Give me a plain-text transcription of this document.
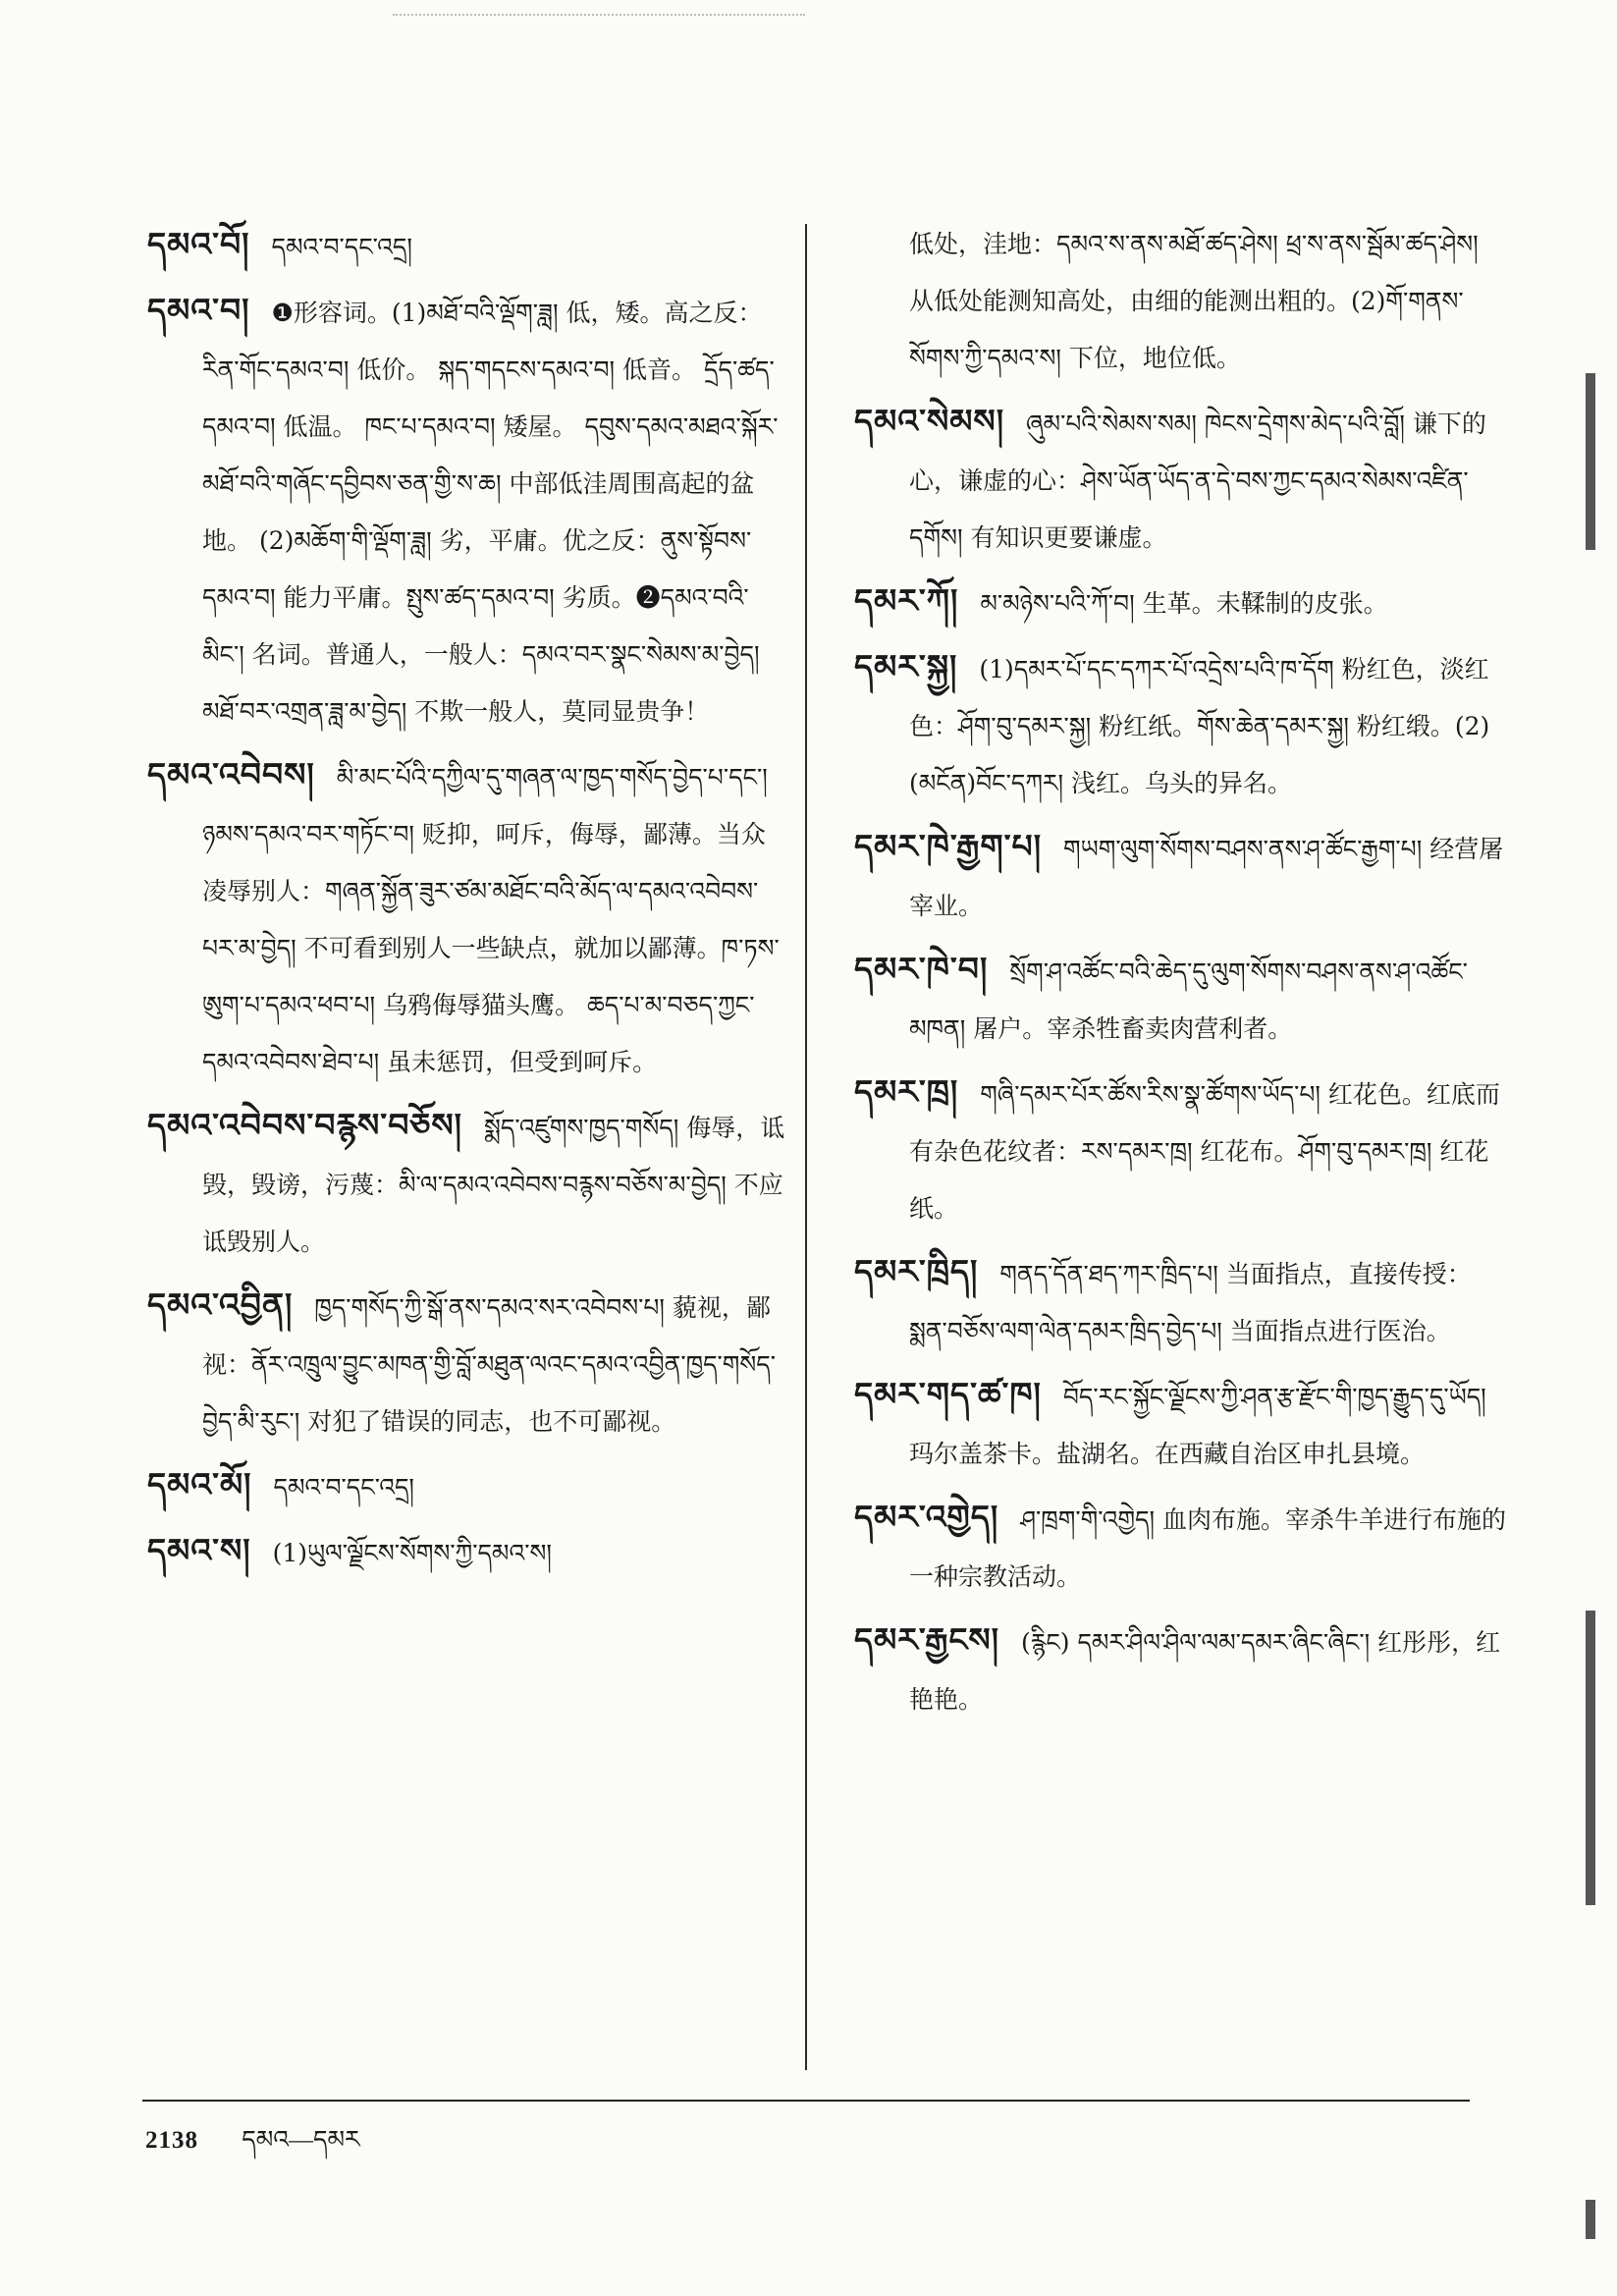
དམའ་བོ། དམའ་བ་དང་འདྲ།

དམའ་བ། ❶形容词。(1)མཐོ་བའི་ལྡོག་ཟླ། 低，矮。高之反：རིན་གོང་དམའ་བ། 低价。 སྐད་གདངས་དམའ་བ། 低音。 དྲོད་ཚད་དམའ་བ། 低温。 ཁང་པ་དམའ་བ། 矮屋。 དབུས་དམའ་མཐའ་སྐོར་མཐོ་བའི་གཞོང་དབྱིབས་ཅན་གྱི་ས་ཆ། 中部低洼周围高起的盆地。 (2)མཆོག་གི་ལྡོག་ཟླ། 劣，平庸。优之反：ནུས་སྟོབས་དམའ་བ། 能力平庸。སྤུས་ཚད་དམའ་བ། 劣质。❷དམའ་བའི་མིང་། 名词。普通人，一般人：དམའ་བར་སྣང་སེམས་མ་བྱེད། མཐོ་བར་འགྲན་ཟླ་མ་བྱེད། 不欺一般人，莫同显贵争！

དམའ་འབེབས། མི་མང་པོའི་དཀྱིལ་དུ་གཞན་ལ་ཁྱད་གསོད་བྱེད་པ་དང་། ཉམས་དམའ་བར་གཏོང་བ། 贬抑，呵斥，侮辱，鄙薄。当众凌辱别人：གཞན་སྐྱོན་ཟུར་ཙམ་མཐོང་བའི་མོད་ལ་དམའ་འབེབས་པར་མ་བྱེད། 不可看到别人一些缺点，就加以鄙薄。ཁ་ཏས་ཨུག་པ་དམའ་ཕབ་པ། 乌鸦侮辱猫头鹰。 ཆད་པ་མ་བཅད་ཀྱང་དམའ་འབེབས་ཐེབ་པ། 虽未惩罚，但受到呵斥。

དམའ་འབེབས་བརྙས་བཅོས། སྨོད་འཛུགས་ཁྱད་གསོད། 侮辱，诋毁，毁谤，污蔑：མི་ལ་དམའ་འབེབས་བརྙས་བཅོས་མ་བྱེད། 不应诋毁别人。

དམའ་འབྱིན། ཁྱད་གསོད་ཀྱི་སྒོ་ནས་དམའ་སར་འབེབས་པ། 藐视，鄙视：ནོར་འཁྲུལ་བྱུང་མཁན་གྱི་བློ་མཐུན་ལའང་དམའ་འབྱིན་ཁྱད་གསོད་བྱེད་མི་རུང་། 对犯了错误的同志，也不可鄙视。

དམའ་མོ། དམའ་བ་དང་འདྲ།

དམའ་ས། (1)ཡུལ་ལྗོངས་སོགས་ཀྱི་དམའ་ས།

低处，洼地：དམའ་ས་ནས་མཐོ་ཚད་ཤེས། ཕྲ་ས་ནས་སྦོམ་ཚད་ཤེས། 从低处能测知高处，由细的能测出粗的。(2)གོ་གནས་སོགས་ཀྱི་དམའ་ས། 下位，地位低。

དམའ་སེམས། ཞུམ་པའི་སེམས་སམ། ཁེངས་དྲེགས་མེད་པའི་བློ། 谦下的心，谦虚的心：ཤེས་ཡོན་ཡོད་ན་དེ་བས་ཀྱང་དམའ་སེམས་འཛིན་དགོས། 有知识更要谦虚。

དམར་ཀོ། མ་མཉེས་པའི་ཀོ་བ། 生革。未鞣制的皮张。

དམར་སྐྱ། (1)དམར་པོ་དང་དཀར་པོ་འདྲེས་པའི་ཁ་དོག 粉红色，淡红色：ཤོག་བུ་དམར་སྐྱ། 粉红纸。གོས་ཆེན་དམར་སྐྱ། 粉红缎。(2)(མངོན)བོང་དཀར། 浅红。乌头的异名。

དམར་ཁེ་རྒྱག་པ། གཡག་ལུག་སོགས་བཤས་ནས་ཤ་ཚོང་རྒྱག་པ། 经营屠宰业。

དམར་ཁེ་བ། སྲོག་ཤ་འཚོང་བའི་ཆེད་དུ་ལུག་སོགས་བཤས་ནས་ཤ་འཚོང་མཁན། 屠户。宰杀牲畜卖肉营利者。

དམར་ཁྲ། གཞི་དམར་པོར་ཚོས་རིས་སྣ་ཚོགས་ཡོད་པ། 红花色。红底而有杂色花纹者：རས་དམར་ཁྲ། 红花布。ཤོག་བུ་དམར་ཁྲ། 红花纸。

དམར་ཁྲིད། གནད་དོན་ཐད་ཀར་ཁྲིད་པ། 当面指点，直接传授：སྨན་བཅོས་ལག་ལེན་དམར་ཁྲིད་བྱེད་པ། 当面指点进行医治。

དམར་གད་ཚ་ཁ། བོད་རང་སྐྱོང་ལྗོངས་ཀྱི་ཤན་རྩ་རྫོང་གི་ཁྱད་རྒྱུད་དུ་ཡོད། 玛尔盖茶卡。盐湖名。在西藏自治区申扎县境。

དམར་འགྱེད། ཤ་ཁྲག་གི་འགྱེད། 血肉布施。宰杀牛羊进行布施的一种宗教活动。

དམར་རྒྱངས། (རྙིང) དམར་ཤིལ་ཤིལ་ལམ་དམར་ཞིང་ཞིང་། 红彤彤，红艳艳。

2138 དམའ—དམར
